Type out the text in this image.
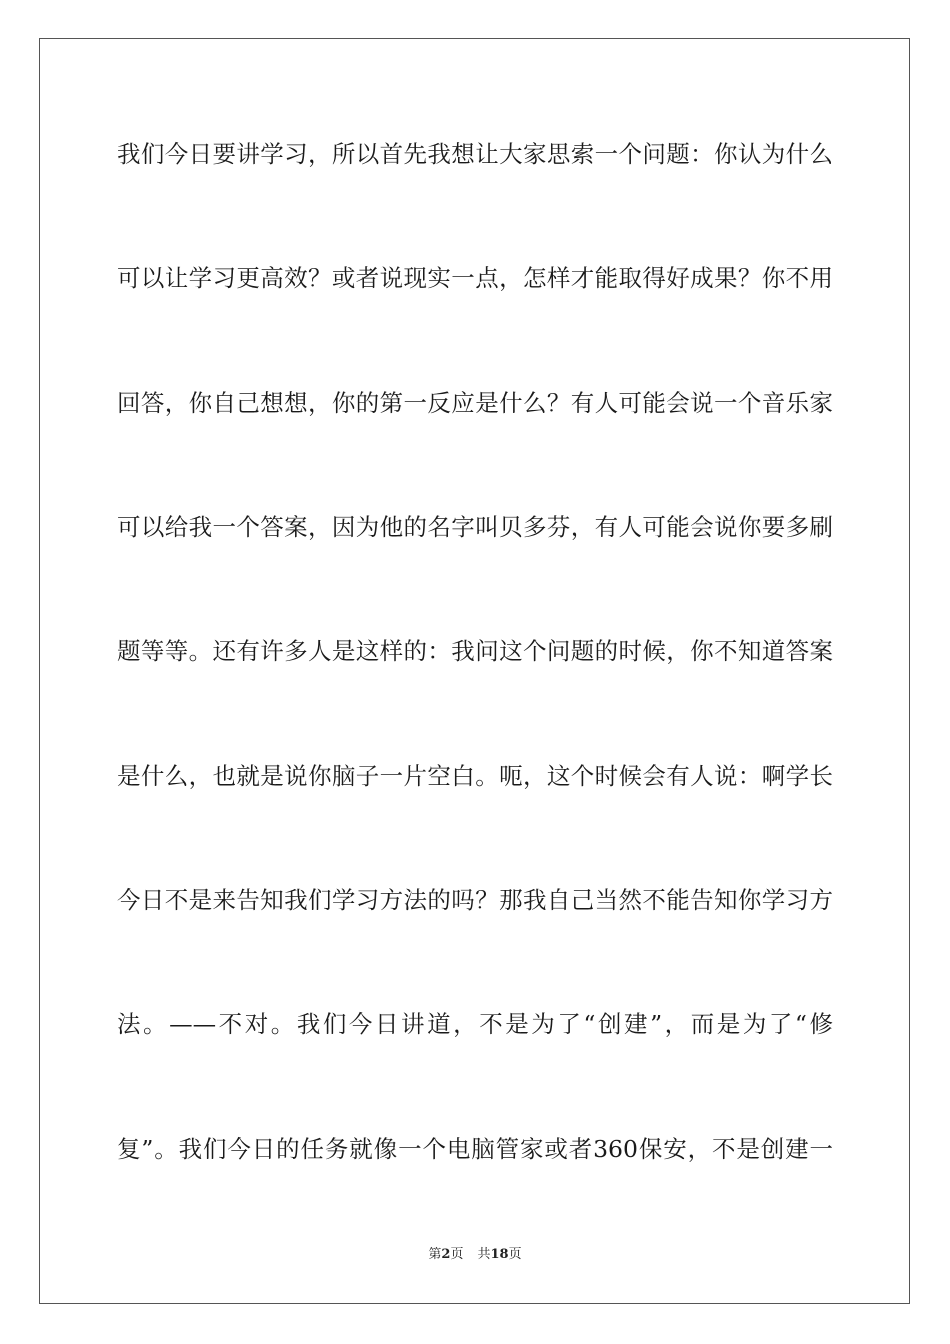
我们今日要讲学习，所以首先我想让大家思索一个问题：你认为什么
可以让学习更高效？或者说现实一点，怎样才能取得好成果？你不用
回答，你自己想想，你的第一反应是什么？有人可能会说一个音乐家
可以给我一个答案，因为他的名字叫贝多芬，有人可能会说你要多刷
题等等。还有许多人是这样的：我问这个问题的时候，你不知道答案
是什么，也就是说你脑子一片空白。呃，这个时候会有人说：啊学长
今日不是来告知我们学习方法的吗？那我自己当然不能告知你学习方
法。——不对。我们今日讲道，不是为了“创建”，而是为了“修
复”。我们今日的任务就像一个电脑管家或者360保安，不是创建一
第2页 共18页
